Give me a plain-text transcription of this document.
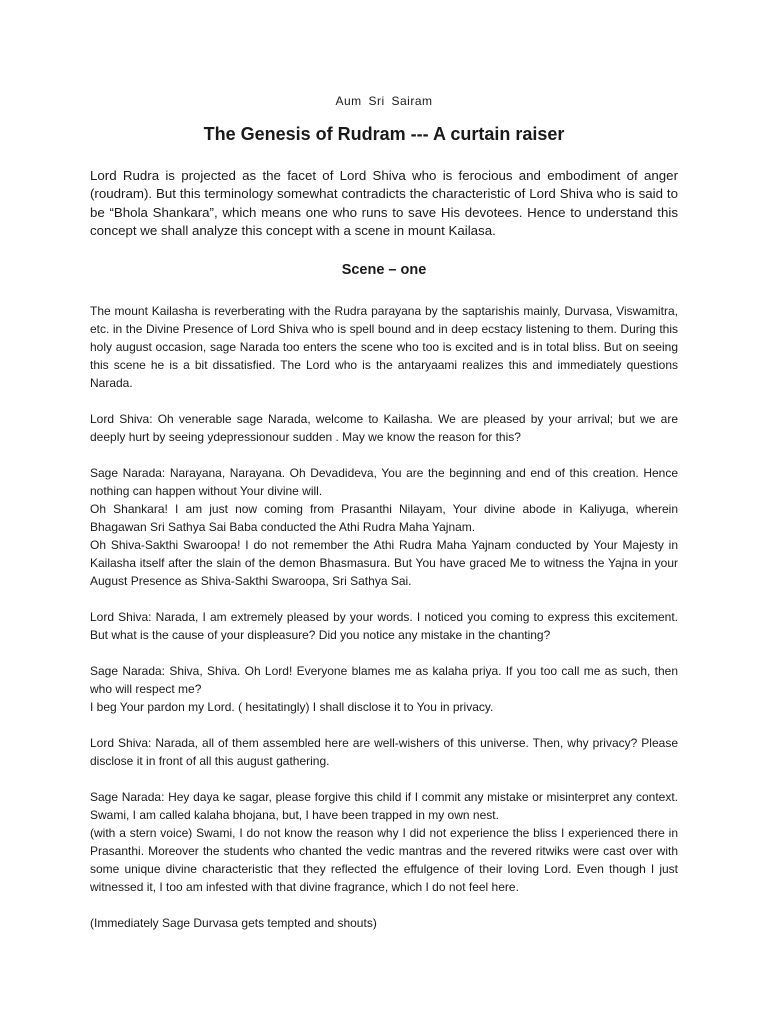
Aum Sri Sairam
The Genesis of Rudram --- A curtain raiser

Lord Rudra is projected as the facet of Lord Shiva who is ferocious and embodiment of anger (roudram). But this terminology somewhat contradicts the characteristic of Lord Shiva who is said to be “Bhola Shankara”, which means one who runs to save His devotees. Hence to understand this concept we shall analyze this concept with a scene in mount Kailasa.

Scene – one
The mount Kailasha is reverberating with the Rudra parayana by the saptarishis mainly, Durvasa, Viswamitra, etc. in the Divine Presence of Lord Shiva who is spell bound and in deep ecstacy listening to them. During this holy august occasion, sage Narada too enters the scene who too is excited and is in total bliss. But on seeing this scene he is a bit dissatisfied. The Lord who is the antaryaami realizes this and immediately questions Narada.
Lord Shiva: Oh venerable sage Narada, welcome to Kailasha. We are pleased by your arrival; but we are deeply hurt by seeing ydepressionour sudden . May we know the reason for this?
Sage Narada: Narayana, Narayana. Oh Devadideva, You are the beginning and end of this creation. Hence nothing can happen without Your divine will.
Oh Shankara! I am just now coming from Prasanthi Nilayam, Your divine abode in Kaliyuga, wherein Bhagawan Sri Sathya Sai Baba conducted the Athi Rudra Maha Yajnam.
Oh Shiva-Sakthi Swaroopa! I do not remember the Athi Rudra Maha Yajnam conducted by Your Majesty in Kailasha itself after the slain of the demon Bhasmasura. But You have graced Me to witness the Yajna in your August Presence as Shiva-Sakthi Swaroopa, Sri Sathya Sai.
Lord Shiva: Narada, I am extremely pleased by your words. I noticed you coming to express this excitement. But what is the cause of your displeasure? Did you notice any mistake in the chanting?
Sage Narada: Shiva, Shiva. Oh Lord! Everyone blames me as kalaha priya. If you too call me as such, then who will respect me?
I beg Your pardon my Lord. ( hesitatingly) I shall disclose it to You in privacy.
Lord Shiva: Narada, all of them assembled here are well-wishers of this universe. Then, why privacy? Please disclose it in front of all this august gathering.
Sage Narada: Hey daya ke sagar, please forgive this child if I commit any mistake or misinterpret any context. Swami, I am called kalaha bhojana, but, I have been trapped in my own nest.
(with a stern voice) Swami, I do not know the reason why I did not experience the bliss I experienced there in Prasanthi. Moreover the students who chanted the vedic mantras and the revered ritwiks were cast over with some unique divine characteristic that they reflected the effulgence of their loving Lord. Even though I just witnessed it, I too am infested with that divine fragrance, which I do not feel here.
(Immediately Sage Durvasa gets tempted and shouts)
